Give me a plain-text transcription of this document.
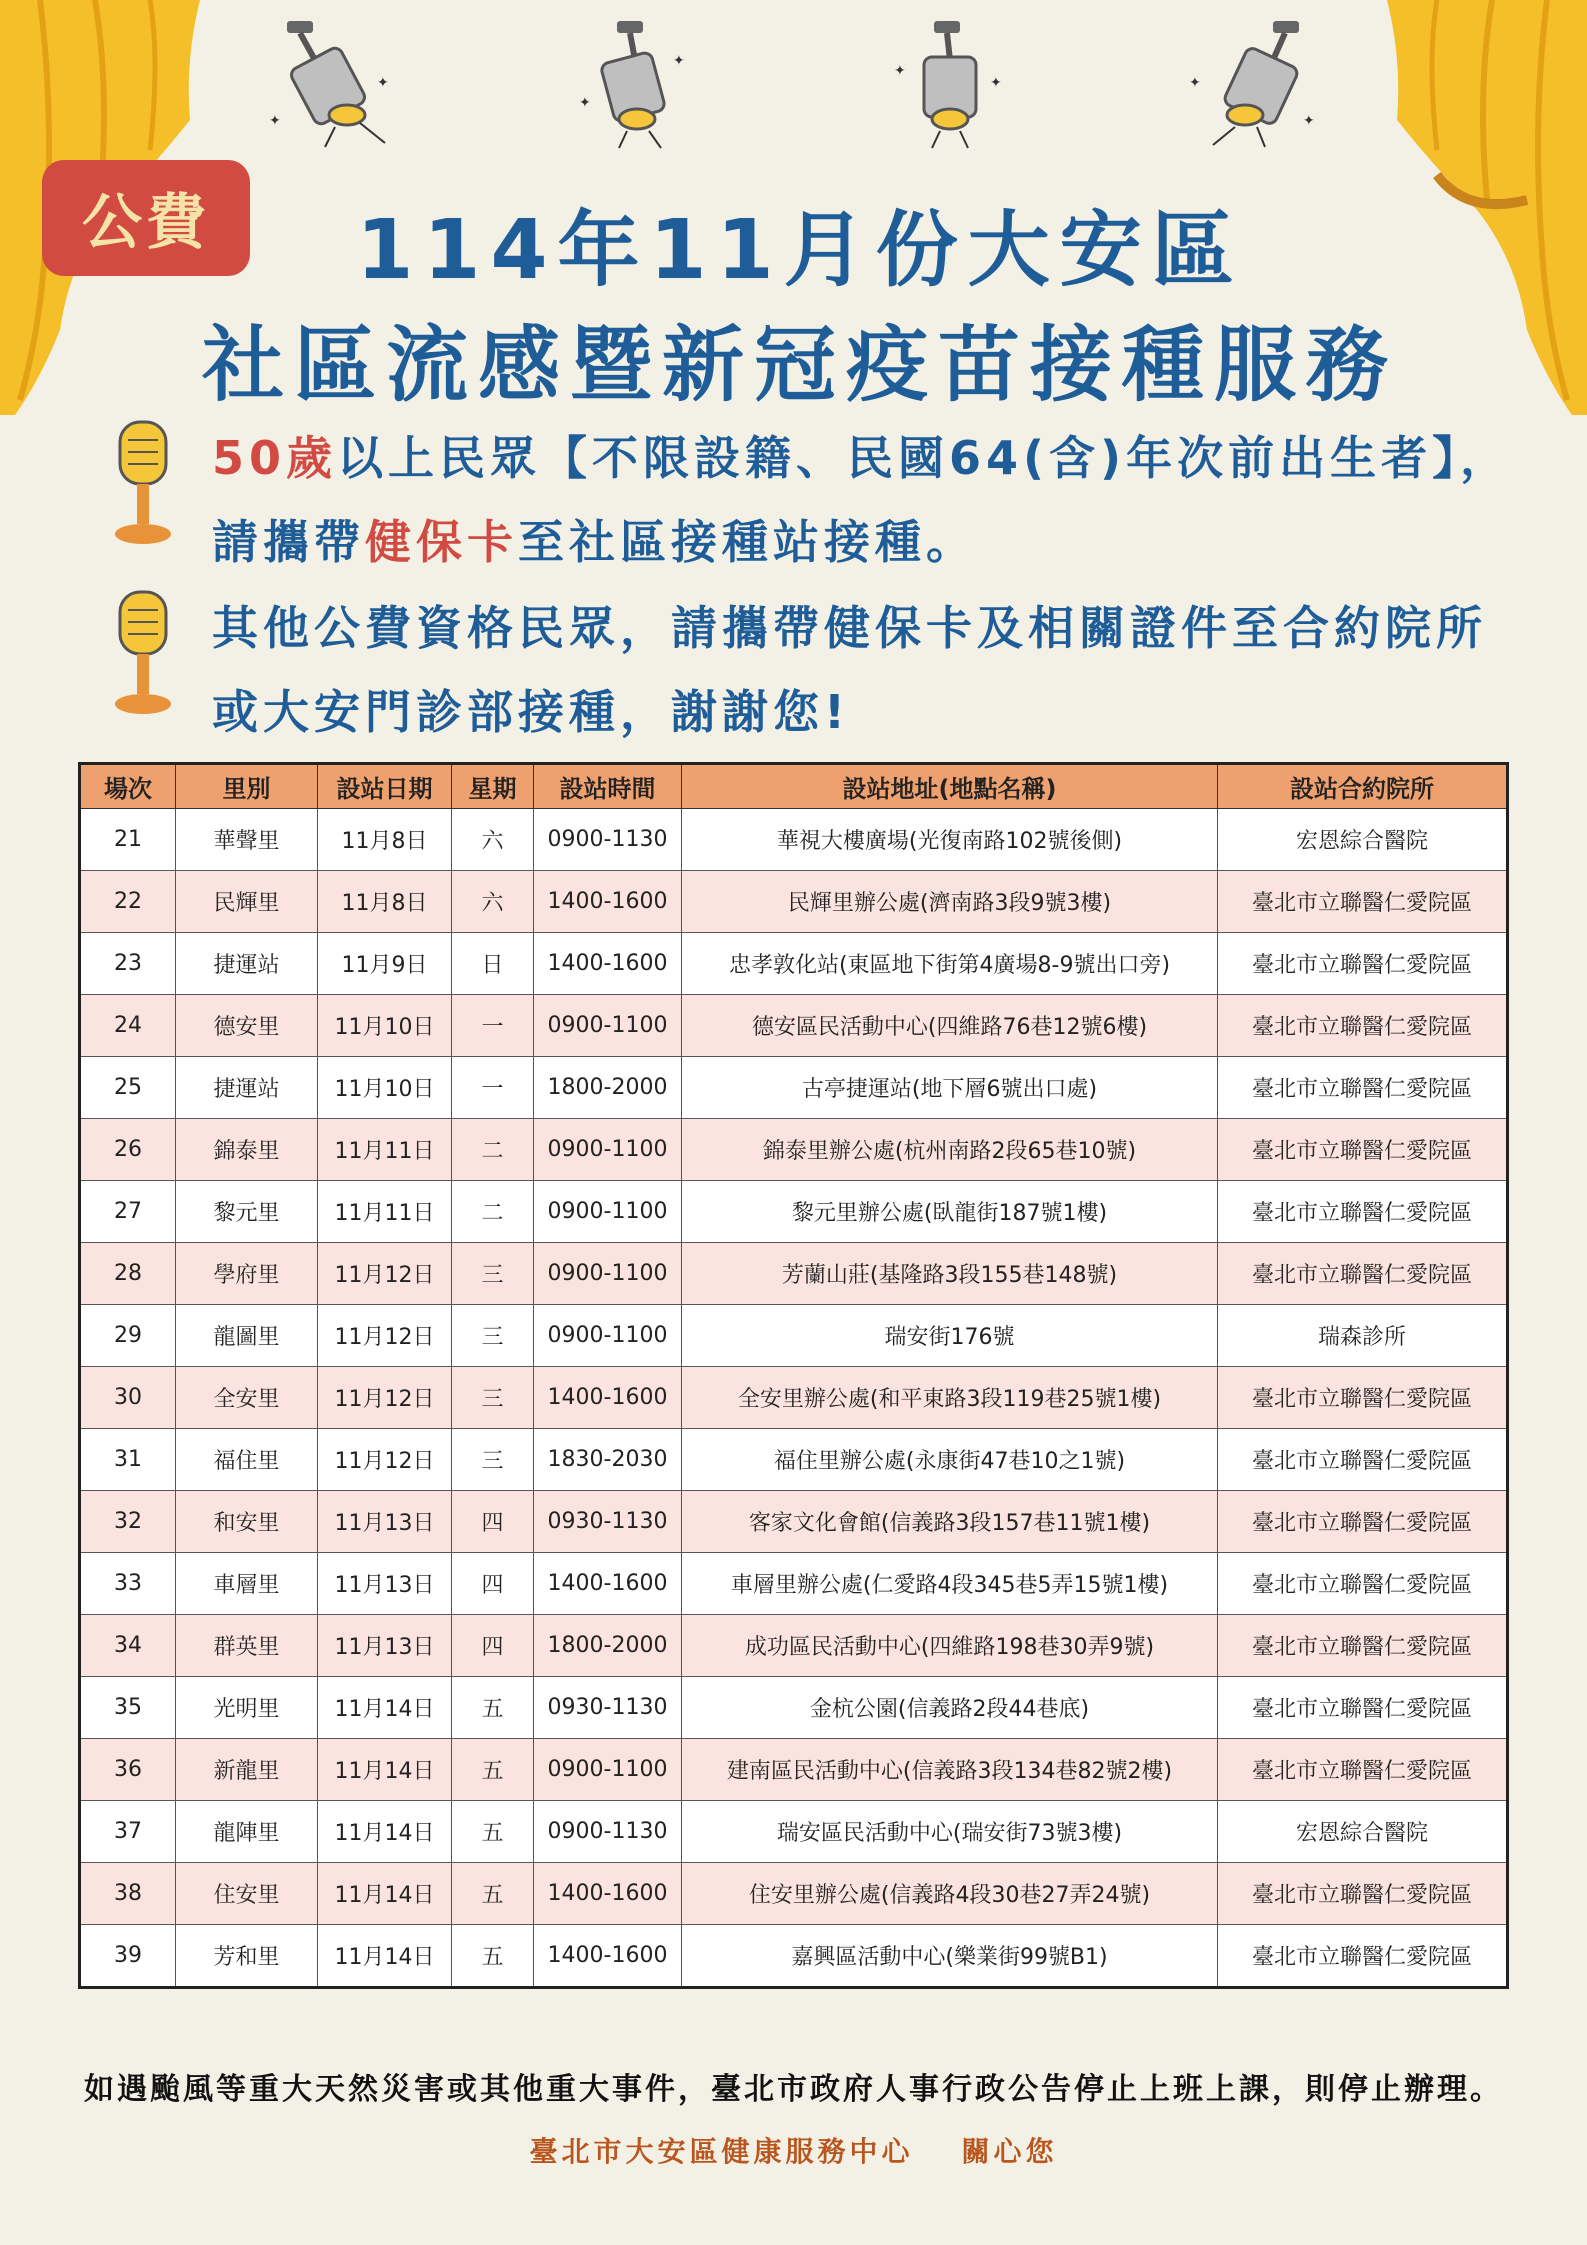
✦
✦
✦
✦
✦
✦	✦
✦
公費	114年11月份大安區
社區流感暨新冠疫苗接種服務
50歲以上民眾【不限設籍、民國64(含)年次前出生者】，請攜帶健保卡至社區接種站接種。
其他公費資格民眾，請攜帶健保卡及相關證件至合約院所或大安門診部接種，謝謝您!
場次	里別	設站日期	星期	設站時間	設站地址(地點名稱)	設站合約院所
21	華聲里	11月8日	六	0900-1130	華視大樓廣場(光復南路102號後側)	宏恩綜合醫院
22	民輝里	11月8日	六	1400-1600	民輝里辦公處(濟南路3段9號3樓)	臺北市立聯醫仁愛院區
23	捷運站	11月9日	日	1400-1600	忠孝敦化站(東區地下街第4廣場8-9號出口旁)	臺北市立聯醫仁愛院區
24	德安里	11月10日	一	0900-1100	德安區民活動中心(四維路76巷12號6樓)	臺北市立聯醫仁愛院區
25	捷運站	11月10日	一	1800-2000	古亭捷運站(地下層6號出口處)	臺北市立聯醫仁愛院區
26	錦泰里	11月11日	二	0900-1100	錦泰里辦公處(杭州南路2段65巷10號)	臺北市立聯醫仁愛院區
27	黎元里	11月11日	二	0900-1100	黎元里辦公處(臥龍街187號1樓)	臺北市立聯醫仁愛院區
28	學府里	11月12日	三	0900-1100	芳蘭山莊(基隆路3段155巷148號)	臺北市立聯醫仁愛院區
29	龍圖里	11月12日	三	0900-1100	瑞安街176號	瑞森診所
30	全安里	11月12日	三	1400-1600	全安里辦公處(和平東路3段119巷25號1樓)	臺北市立聯醫仁愛院區
31	福住里	11月12日	三	1830-2030	福住里辦公處(永康街47巷10之1號)	臺北市立聯醫仁愛院區
32	和安里	11月13日	四	0930-1130	客家文化會館(信義路3段157巷11號1樓)	臺北市立聯醫仁愛院區
33	車層里	11月13日	四	1400-1600	車層里辦公處(仁愛路4段345巷5弄15號1樓)	臺北市立聯醫仁愛院區
34	群英里	11月13日	四	1800-2000	成功區民活動中心(四維路198巷30弄9號)	臺北市立聯醫仁愛院區
35	光明里	11月14日	五	0930-1130	金杭公園(信義路2段44巷底)	臺北市立聯醫仁愛院區
36	新龍里	11月14日	五	0900-1100	建南區民活動中心(信義路3段134巷82號2樓)	臺北市立聯醫仁愛院區
37	龍陣里	11月14日	五	0900-1130	瑞安區民活動中心(瑞安街73號3樓)	宏恩綜合醫院
38	住安里	11月14日	五	1400-1600	住安里辦公處(信義路4段30巷27弄24號)	臺北市立聯醫仁愛院區
39	芳和里	11月14日	五	1400-1600	嘉興區活動中心(樂業街99號B1)	臺北市立聯醫仁愛院區
如遇颱風等重大天然災害或其他重大事件，臺北市政府人事行政公告停止上班上課，則停止辦理。
臺北市大安區健康服務中心 關心您
